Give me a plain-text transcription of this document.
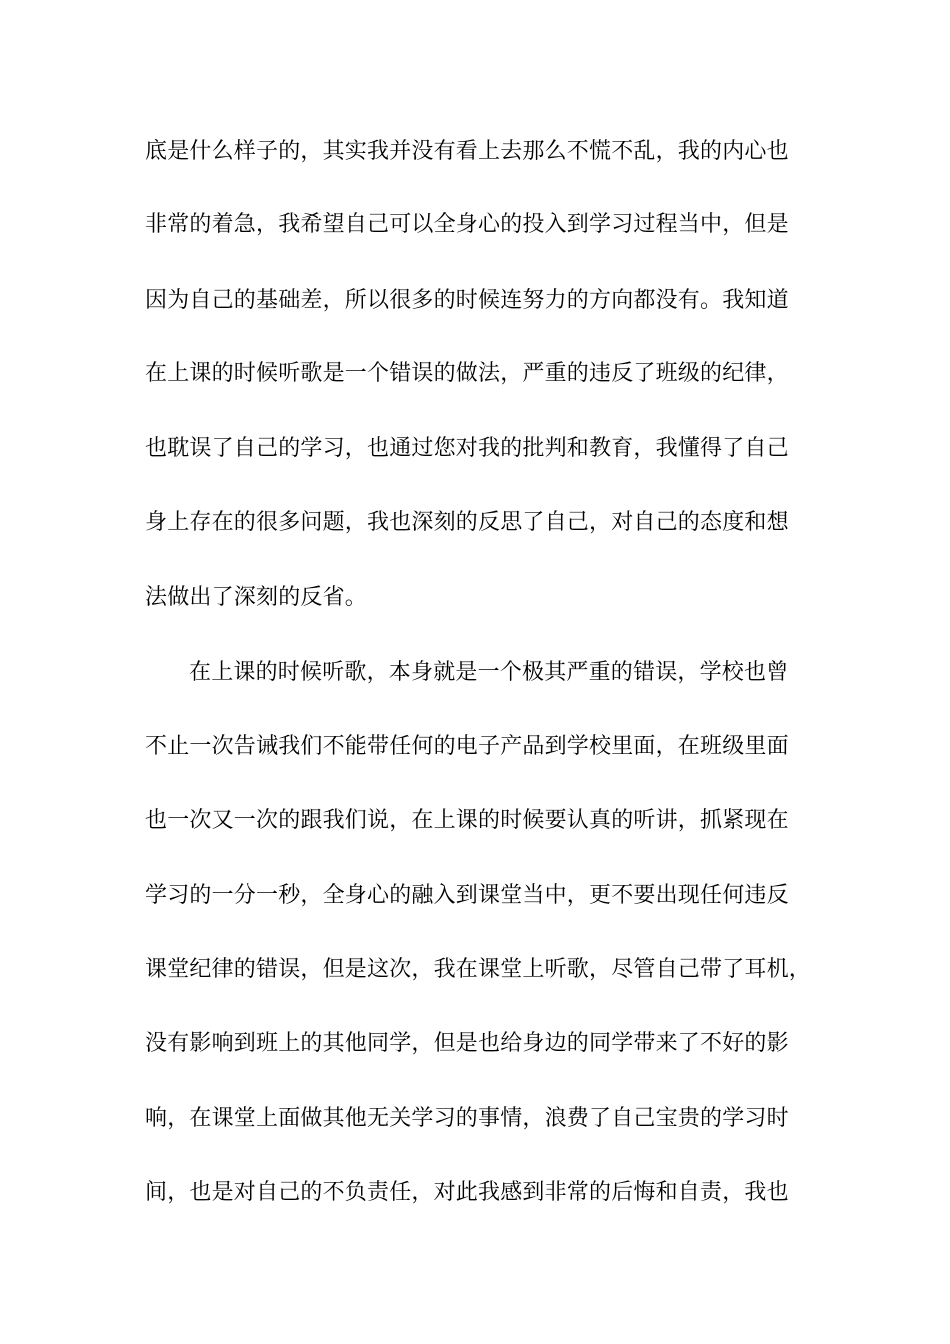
底是什么样子的，其实我并没有看上去那么不慌不乱，我的内心也
非常的着急，我希望自己可以全身心的投入到学习过程当中，但是
因为自己的基础差，所以很多的时候连努力的方向都没有。我知道
在上课的时候听歌是一个错误的做法，严重的违反了班级的纪律，
也耽误了自己的学习，也通过您对我的批判和教育，我懂得了自己
身上存在的很多问题，我也深刻的反思了自己，对自己的态度和想
法做出了深刻的反省。
在上课的时候听歌，本身就是一个极其严重的错误，学校也曾
不止一次告诫我们不能带任何的电子产品到学校里面，在班级里面
也一次又一次的跟我们说，在上课的时候要认真的听讲，抓紧现在
学习的一分一秒，全身心的融入到课堂当中，更不要出现任何违反
课堂纪律的错误，但是这次，我在课堂上听歌，尽管自己带了耳机，
没有影响到班上的其他同学，但是也给身边的同学带来了不好的影
响，在课堂上面做其他无关学习的事情，浪费了自己宝贵的学习时
间，也是对自己的不负责任，对此我感到非常的后悔和自责，我也
